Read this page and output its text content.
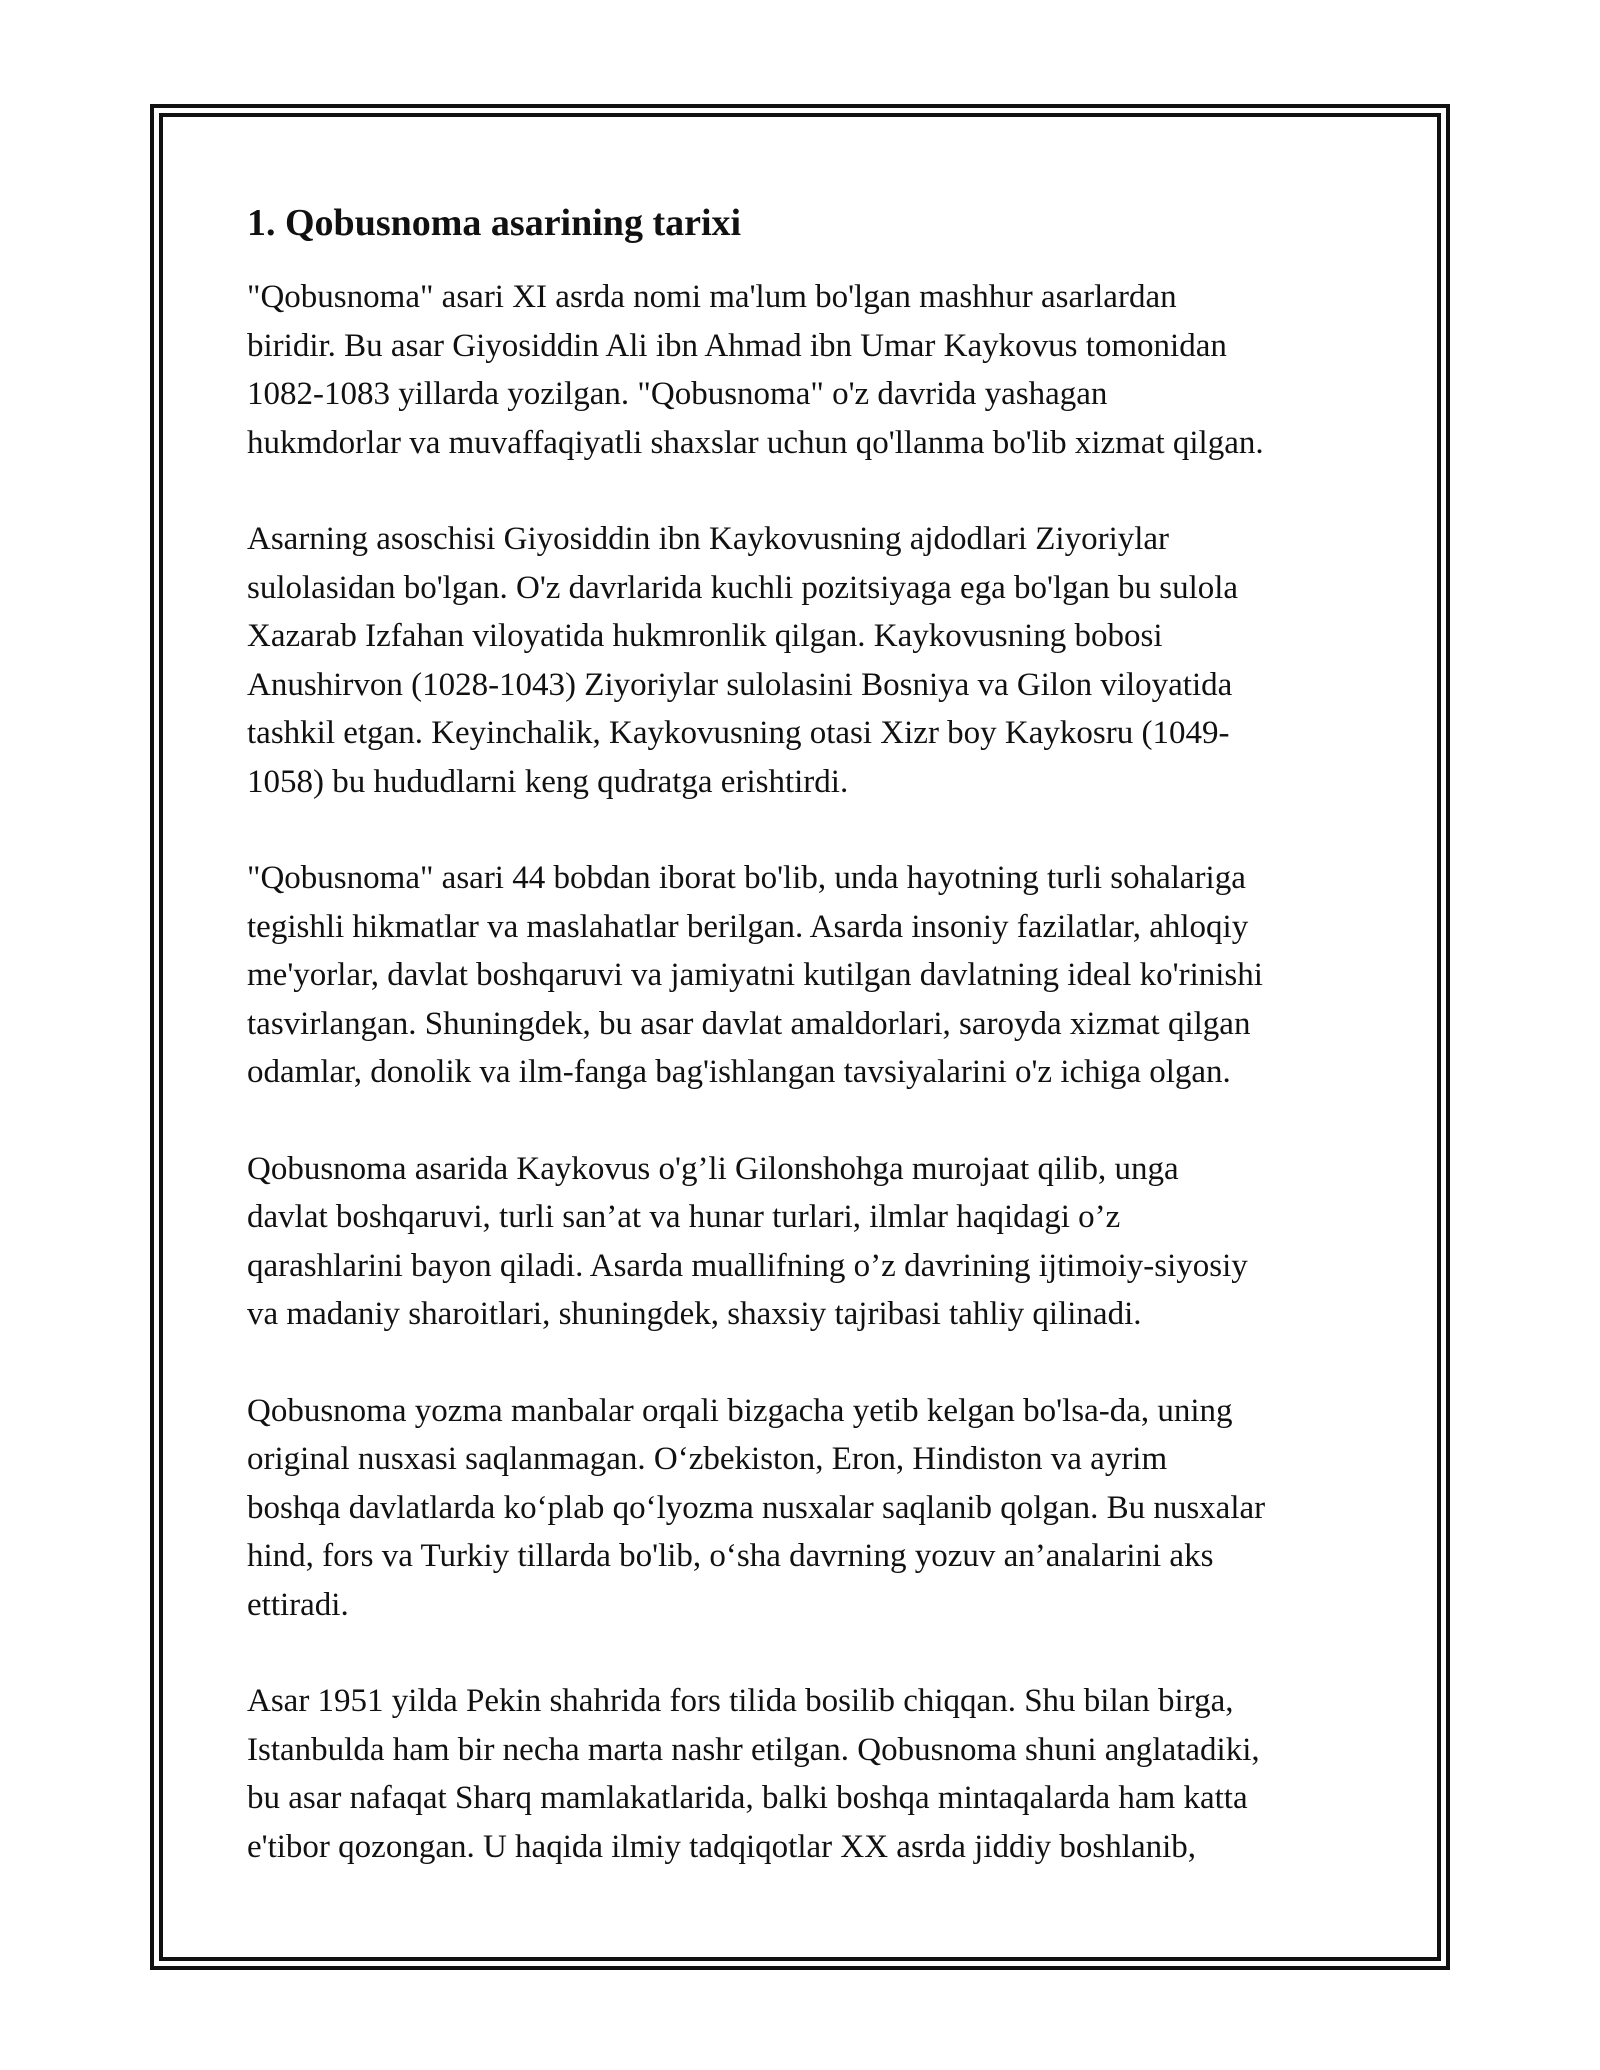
1. Qobusnoma asarining tarixi

"Qobusnoma" asari XI asrda nomi ma'lum bo'lgan mashhur asarlardan
biridir. Bu asar Giyosiddin Ali ibn Ahmad ibn Umar Kaykovus tomonidan
1082-1083 yillarda yozilgan. "Qobusnoma" o'z davrida yashagan
hukmdorlar va muvaffaqiyatli shaxslar uchun qo'llanma bo'lib xizmat qilgan.

Asarning asoschisi Giyosiddin ibn Kaykovusning ajdodlari Ziyoriylar
sulolasidan bo'lgan. O'z davrlarida kuchli pozitsiyaga ega bo'lgan bu sulola
Xazarab Izfahan viloyatida hukmronlik qilgan. Kaykovusning bobosi
Anushirvon (1028-1043) Ziyoriylar sulolasini Bosniya va Gilon viloyatida
tashkil etgan. Keyinchalik, Kaykovusning otasi Xizr boy Kaykosru (1049-
1058) bu hududlarni keng qudratga erishtirdi.

"Qobusnoma" asari 44 bobdan iborat bo'lib, unda hayotning turli sohalariga
tegishli hikmatlar va maslahatlar berilgan. Asarda insoniy fazilatlar, ahloqiy
me'yorlar, davlat boshqaruvi va jamiyatni kutilgan davlatning ideal ko'rinishi
tasvirlangan. Shuningdek, bu asar davlat amaldorlari, saroyda xizmat qilgan
odamlar, donolik va ilm-fanga bag'ishlangan tavsiyalarini o'z ichiga olgan.

Qobusnoma asarida Kaykovus o'g’li Gilonshohga murojaat qilib, unga
davlat boshqaruvi, turli san’at va hunar turlari, ilmlar haqidagi o’z
qarashlarini bayon qiladi. Asarda muallifning o’z davrining ijtimoiy-siyosiy
va madaniy sharoitlari, shuningdek, shaxsiy tajribasi tahliy qilinadi.

Qobusnoma yozma manbalar orqali bizgacha yetib kelgan bo'lsa-da, uning
original nusxasi saqlanmagan. O‘zbekiston, Eron, Hindiston va ayrim
boshqa davlatlarda ko‘plab qo‘lyozma nusxalar saqlanib qolgan. Bu nusxalar
hind, fors va Turkiy tillarda bo'lib, o‘sha davrning yozuv an’analarini aks
ettiradi.

Asar 1951 yilda Pekin shahrida fors tilida bosilib chiqqan. Shu bilan birga,
Istanbulda ham bir necha marta nashr etilgan. Qobusnoma shuni anglatadiki,
bu asar nafaqat Sharq mamlakatlarida, balki boshqa mintaqalarda ham katta
e'tibor qozongan. U haqida ilmiy tadqiqotlar XX asrda jiddiy boshlanib,
